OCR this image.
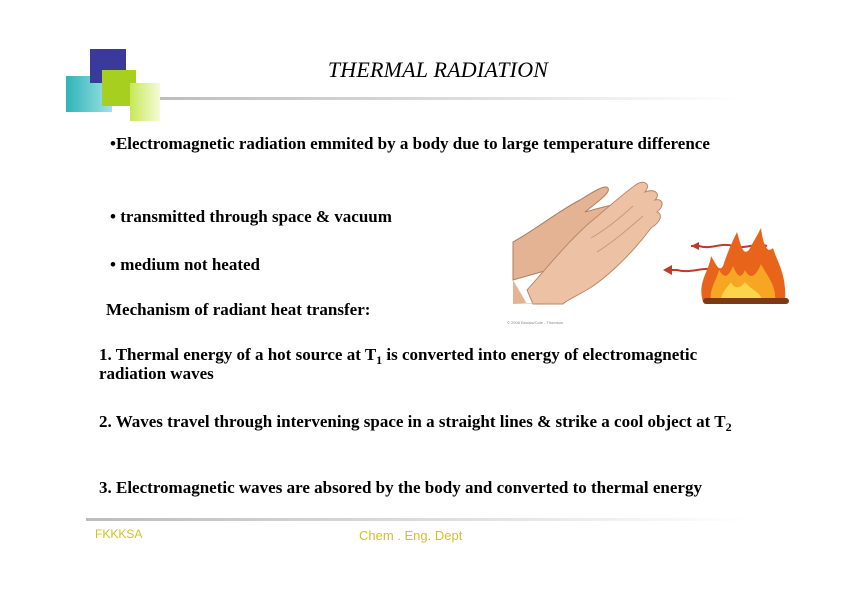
THERMAL RADIATION
•Electromagnetic radiation emmited by a body due to large temperature difference
• transmitted through space & vacuum
• medium not heated
Mechanism of radiant heat transfer:
1. Thermal energy of a hot source at $T_1$ is converted into energy of electromagnetic radiation waves
2. Waves travel through intervening space in a straight lines & strike a cool object at $T_2$
3. Electromagnetic waves are absored by the body and converted to thermal energy
© 2006 Brooks/Cole - Thomson
FKKKSA	Chem . Eng. Dept
